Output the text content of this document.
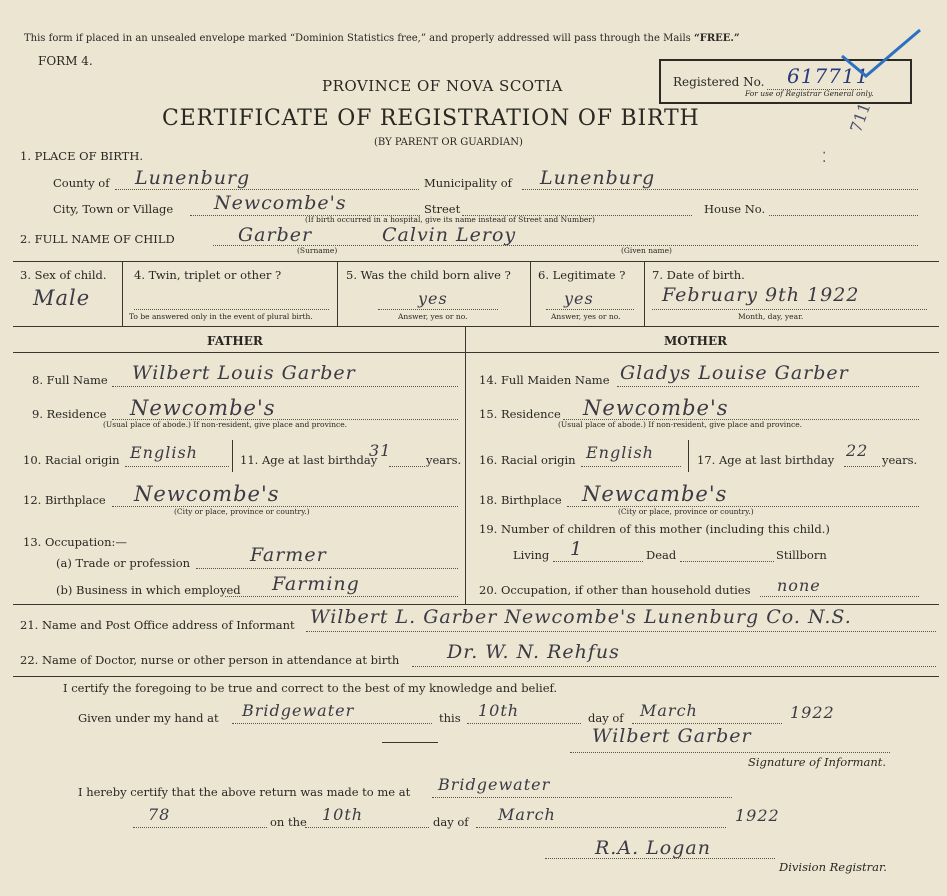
This form if placed in an unsealed envelope marked “Dominion Statistics free,” and properly addressed will pass through the Mails “FREE.”
FORM 4.
PROVINCE OF NOVA SCOTIA
CERTIFICATE OF REGISTRATION OF BIRTH
(BY PARENT OR GUARDIAN)
Registered No. 617711
For use of Registrar General only.
711
⁚
1. PLACE OF BIRTH.
County of Lunenburg	Municipality of Lunenburg
City, Town or Village Newcombe's	Street	House No.
(If birth occurred in a hospital, give its name instead of Street and Number)
2. FULL NAME OF CHILD	Garber	Calvin Leroy
(Surname)	(Given name)
3. Sex of child.
Male
4. Twin, triplet or other ?
To be answered only in the event of plural birth.
5. Was the child born alive ?
yes
Answer, yes or no.
6. Legitimate ?
yes
Answer, yes or no.
7. Date of birth.
February 9th 1922
Month, day, year.
FATHER	MOTHER
8. Full Name Wilbert Louis Garber
9. Residence Newcombe's
(Usual place of abode.) If non-resident, give place and province.
10. Racial origin English	11. Age at last birthday
31	years.
12. Birthplace Newcombe's
(City or place, province or country.)
13. Occupation:—
(a) Trade or profession	Farmer
(b) Business in which employed Farming
14. Full Maiden Name Gladys Louise Garber
15. Residence Newcombe's
(Usual place of abode.) If non-resident, give place and province.
16. Racial origin English	17. Age at last birthday 22 years.
18. Birthplace Newcambe's
(City or place, province or country.)
19. Number of children of this mother (including this child.)
Living 1	Dead	Stillborn
20. Occupation, if other than household duties none
21. Name and Post Office address of Informant Wilbert L. Garber Newcombe's Lunenburg Co. N.S.
22. Name of Doctor, nurse or other person in attendance at birth	Dr. W. N. Rehfus
I certify the foregoing to be true and correct to the best of my knowledge and belief.
Given under my hand at Bridgewater	this 10th	day of March	1922
Wilbert Garber
Signature of Informant.
I hereby certify that the above return was made to me at Bridgewater
78	on the 10th	day of March	1922
R.A. Logan
Division Registrar.
